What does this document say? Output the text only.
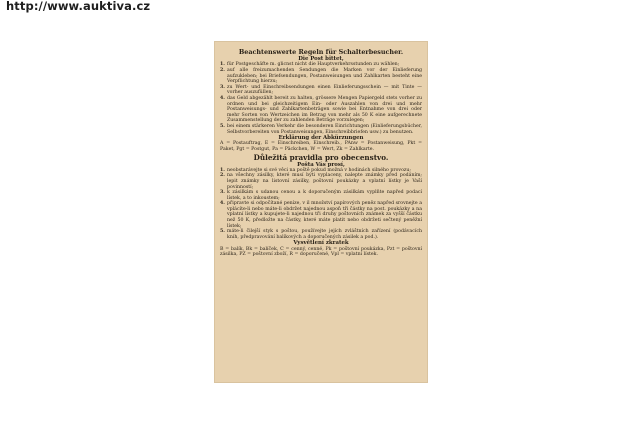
http://www.auktiva.cz
Beachtenswerte Regeln für Schalterbesucher.
Die Post bittet,
1. für Postgeschäfte m. glicnst nicht die Hauptverkehrsstunden zu wählen;
2. auf alle freizumachenden Sendungen die Marken vor der Einlieferung aufzukleben; bei Briefsendungen, Postanweisungen und Zahlkarten besteht eine Verpflichtung hierzu;
3. zu Wert- und Einschreibsendungen einen Einlieferungsschein — mit Tinte — vorher auszufüllen;
4. das Geld abgezählt bereit zu halten, grössere Mengen Papiergeld stets vorher zu ordnen und bei gleichzeitigem Ein- oder Auszahlen von drei und mehr Postanweisungs- und Zahlkartenbeträgen sowie bei Entnahme von drei oder mehr Sorten von Wertzeichen im Betrag von mehr als 50 K eine aufgerechnete Zusammenstellung der zu zahlenden Beträge vorzulegen;
5. bei einem stärkeren Verkehr die besonderen Einrichtungen (Einlieferungsbücher, Selbstvorbereiten von Postanweisungen, Einschreibbriefen usw.) zu benutzen.
Erklärung der Abkürzungen
A = Postauftrag, E = Einschreiben, Einschreib., PAnw = Postanweisung, Pkt = Paket, Pgt = Postgut, Pa = Päckchen, W = Wert, Zk = Zahlkarte.
Důležitá pravidla pro obecenstvo.
Pošta Vás prosí,
1. neobstarávejte si své věci na poště pokud možná v hodinách silného provozu;
2. na všechny zásilky, které musí býti vyplaceny, nalepte známky před podáním; lepit známky na listovní zásilky, poštovní poukázky a vplatní lístky je Vaší povinností;
3. k zásilkám s udanou cenou a k doporučeným zásilkám vyplňte napřed podací lístek, a to inkoustem;
4. připravte si odpočítané peníze, v il množství papírových peněz napřed srovnejte a vplácíte-li nebo máte-li obdržet najednou aspoň tři částky na post. poukázky a na vplatní lístky a kupujete-li najednou tři druhy poštovních známek za vyšší částku než 50 K, předložte na částky, které máte platit nebo obdržeti sečtený peněžní lístek;
5. máte-li čilejší styk s poštou, používejte jejích zvláštních zařízení (podávacích knih, předpravování balíkových a doporučených zásilek a pod.).
Vysvětlení zkratek
B = balík, Bk = balíček, C = cenný, cenné, Pk = poštovní poukázka, Pzt = poštovní zásilka, PZ = poštovní zboží, R = doporučené, Vpl = vplatní lístek.
